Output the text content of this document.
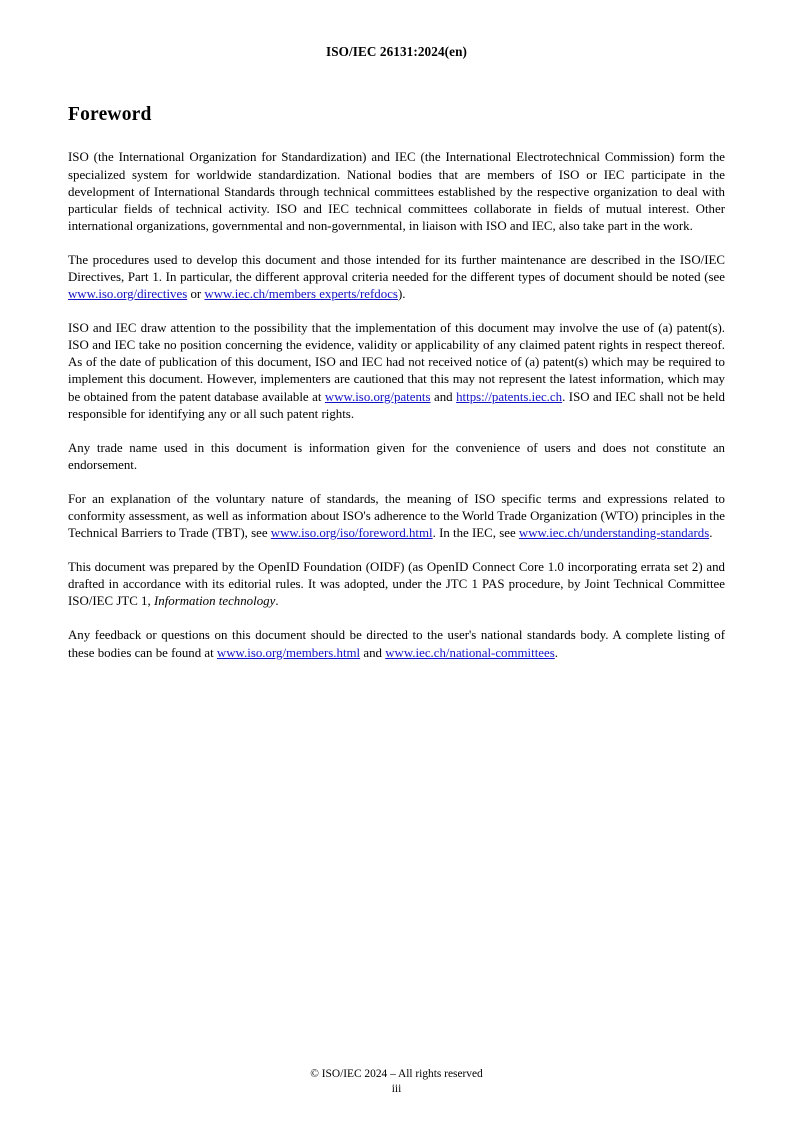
ISO/IEC 26131:2024(en)
Foreword

ISO (the International Organization for Standardization) and IEC (the International Electrotechnical Commission) form the specialized system for worldwide standardization. National bodies that are members of ISO or IEC participate in the development of International Standards through technical committees established by the respective organization to deal with particular fields of technical activity. ISO and IEC technical committees collaborate in fields of mutual interest. Other international organizations, governmental and non-governmental, in liaison with ISO and IEC, also take part in the work.

The procedures used to develop this document and those intended for its further maintenance are described in the ISO/IEC Directives, Part 1. In particular, the different approval criteria needed for the different types of document should be noted (see www.iso.org/directives or www.iec.ch/members experts/refdocs).

ISO and IEC draw attention to the possibility that the implementation of this document may involve the use of (a) patent(s). ISO and IEC take no position concerning the evidence, validity or applicability of any claimed patent rights in respect thereof. As of the date of publication of this document, ISO and IEC had not received notice of (a) patent(s) which may be required to implement this document. However, implementers are cautioned that this may not represent the latest information, which may be obtained from the patent database available at www.iso.org/patents and https://patents.iec.ch. ISO and IEC shall not be held responsible for identifying any or all such patent rights.

Any trade name used in this document is information given for the convenience of users and does not constitute an endorsement.

For an explanation of the voluntary nature of standards, the meaning of ISO specific terms and expressions related to conformity assessment, as well as information about ISO's adherence to the World Trade Organization (WTO) principles in the Technical Barriers to Trade (TBT), see www.iso.org/iso/foreword.html. In the IEC, see www.iec.ch/understanding-standards.

This document was prepared by the OpenID Foundation (OIDF) (as OpenID Connect Core 1.0 incorporating errata set 2) and drafted in accordance with its editorial rules. It was adopted, under the JTC 1 PAS procedure, by Joint Technical Committee ISO/IEC JTC 1, Information technology.

Any feedback or questions on this document should be directed to the user's national standards body. A complete listing of these bodies can be found at www.iso.org/members.html and www.iec.ch/national-committees.

© ISO/IEC 2024 – All rights reserved
iii
